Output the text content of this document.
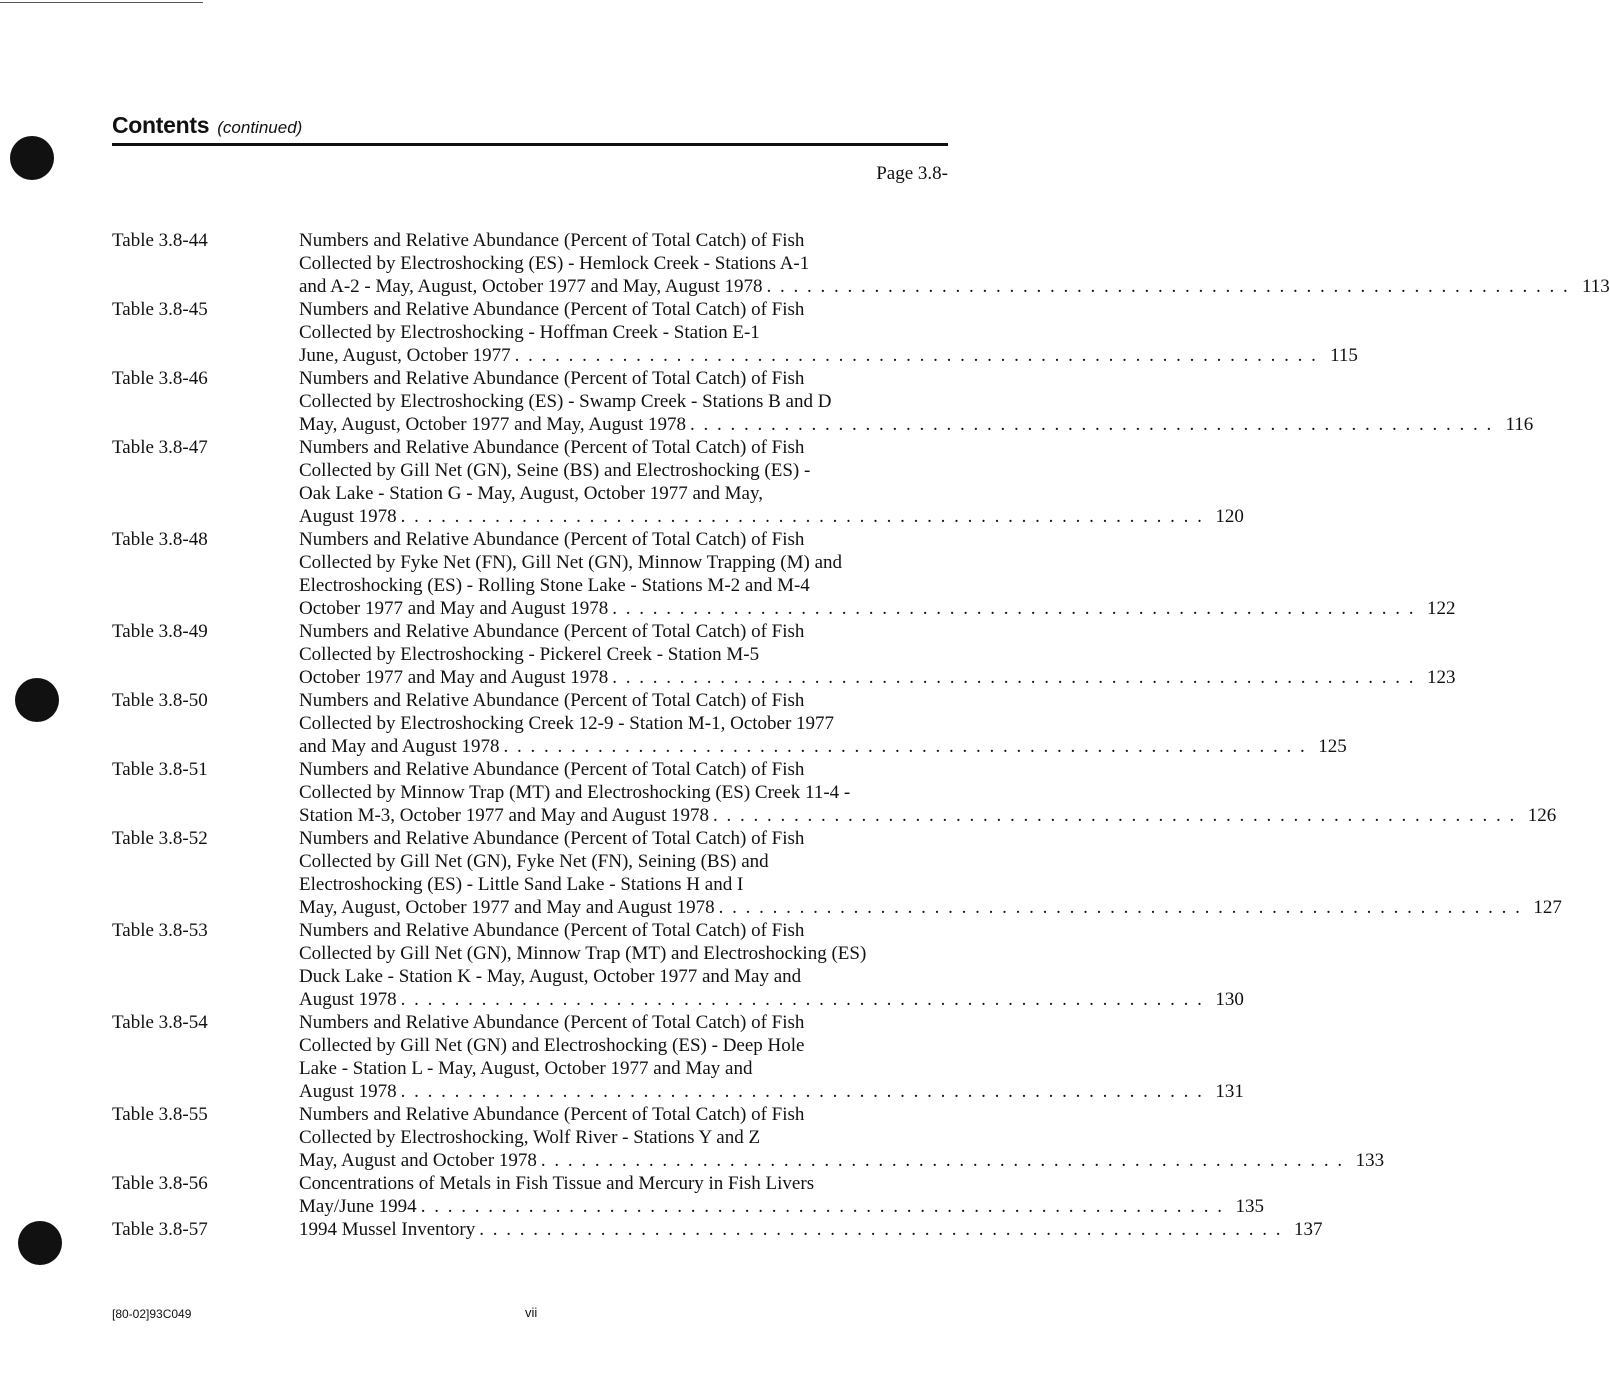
Contents (continued)
Page 3.8-
Table 3.8-44	Numbers and Relative Abundance (Percent of Total Catch) of Fish
Collected by Electroshocking (ES) - Hemlock Creek - Stations A-1
and A-2 - May, August, October 1977 and May, August 1978 . . . . . . . . . . . . . . . . . . . . . . . . . . . . . . . . . . . . . . . . . . . . . . . . . . . . . . . . . . . . 113
Table 3.8-45	Numbers and Relative Abundance (Percent of Total Catch) of Fish
Collected by Electroshocking - Hoffman Creek - Station E-1
June, August, October 1977 . . . . . . . . . . . . . . . . . . . . . . . . . . . . . . . . . . . . . . . . . . . . . . . . . . . . . . . . . . . . 115
Table 3.8-46	Numbers and Relative Abundance (Percent of Total Catch) of Fish
Collected by Electroshocking (ES) - Swamp Creek - Stations B and D
May, August, October 1977 and May, August 1978 . . . . . . . . . . . . . . . . . . . . . . . . . . . . . . . . . . . . . . . . . . . . . . . . . . . . . . . . . . . . 116
Table 3.8-47	Numbers and Relative Abundance (Percent of Total Catch) of Fish
Collected by Gill Net (GN), Seine (BS) and Electroshocking (ES) -
Oak Lake - Station G - May, August, October 1977 and May,
August 1978 . . . . . . . . . . . . . . . . . . . . . . . . . . . . . . . . . . . . . . . . . . . . . . . . . . . . . . . . . . . . 120
Table 3.8-48	Numbers and Relative Abundance (Percent of Total Catch) of Fish
Collected by Fyke Net (FN), Gill Net (GN), Minnow Trapping (M) and
Electroshocking (ES) - Rolling Stone Lake - Stations M-2 and M-4
October 1977 and May and August 1978 . . . . . . . . . . . . . . . . . . . . . . . . . . . . . . . . . . . . . . . . . . . . . . . . . . . . . . . . . . . . 122
Table 3.8-49	Numbers and Relative Abundance (Percent of Total Catch) of Fish
Collected by Electroshocking - Pickerel Creek - Station M-5
October 1977 and May and August 1978 . . . . . . . . . . . . . . . . . . . . . . . . . . . . . . . . . . . . . . . . . . . . . . . . . . . . . . . . . . . . 123
Table 3.8-50	Numbers and Relative Abundance (Percent of Total Catch) of Fish
Collected by Electroshocking Creek 12-9 - Station M-1, October 1977
and May and August 1978 . . . . . . . . . . . . . . . . . . . . . . . . . . . . . . . . . . . . . . . . . . . . . . . . . . . . . . . . . . . . 125
Table 3.8-51	Numbers and Relative Abundance (Percent of Total Catch) of Fish
Collected by Minnow Trap (MT) and Electroshocking (ES) Creek 11-4 -
Station M-3, October 1977 and May and August 1978 . . . . . . . . . . . . . . . . . . . . . . . . . . . . . . . . . . . . . . . . . . . . . . . . . . . . . . . . . . . . 126
Table 3.8-52	Numbers and Relative Abundance (Percent of Total Catch) of Fish
Collected by Gill Net (GN), Fyke Net (FN), Seining (BS) and
Electroshocking (ES) - Little Sand Lake - Stations H and I
May, August, October 1977 and May and August 1978 . . . . . . . . . . . . . . . . . . . . . . . . . . . . . . . . . . . . . . . . . . . . . . . . . . . . . . . . . . . . 127
Table 3.8-53	Numbers and Relative Abundance (Percent of Total Catch) of Fish
Collected by Gill Net (GN), Minnow Trap (MT) and Electroshocking (ES)
Duck Lake - Station K - May, August, October 1977 and May and
August 1978 . . . . . . . . . . . . . . . . . . . . . . . . . . . . . . . . . . . . . . . . . . . . . . . . . . . . . . . . . . . . 130
Table 3.8-54	Numbers and Relative Abundance (Percent of Total Catch) of Fish
Collected by Gill Net (GN) and Electroshocking (ES) - Deep Hole
Lake - Station L - May, August, October 1977 and May and
August 1978 . . . . . . . . . . . . . . . . . . . . . . . . . . . . . . . . . . . . . . . . . . . . . . . . . . . . . . . . . . . . 131
Table 3.8-55	Numbers and Relative Abundance (Percent of Total Catch) of Fish
Collected by Electroshocking, Wolf River - Stations Y and Z
May, August and October 1978 . . . . . . . . . . . . . . . . . . . . . . . . . . . . . . . . . . . . . . . . . . . . . . . . . . . . . . . . . . . . 133
Table 3.8-56	Concentrations of Metals in Fish Tissue and Mercury in Fish Livers
May/June 1994 . . . . . . . . . . . . . . . . . . . . . . . . . . . . . . . . . . . . . . . . . . . . . . . . . . . . . . . . . . . . 135
Table 3.8-57	1994 Mussel Inventory . . . . . . . . . . . . . . . . . . . . . . . . . . . . . . . . . . . . . . . . . . . . . . . . . . . . . . . . . . . . 137
[80-02]93C049	vii
